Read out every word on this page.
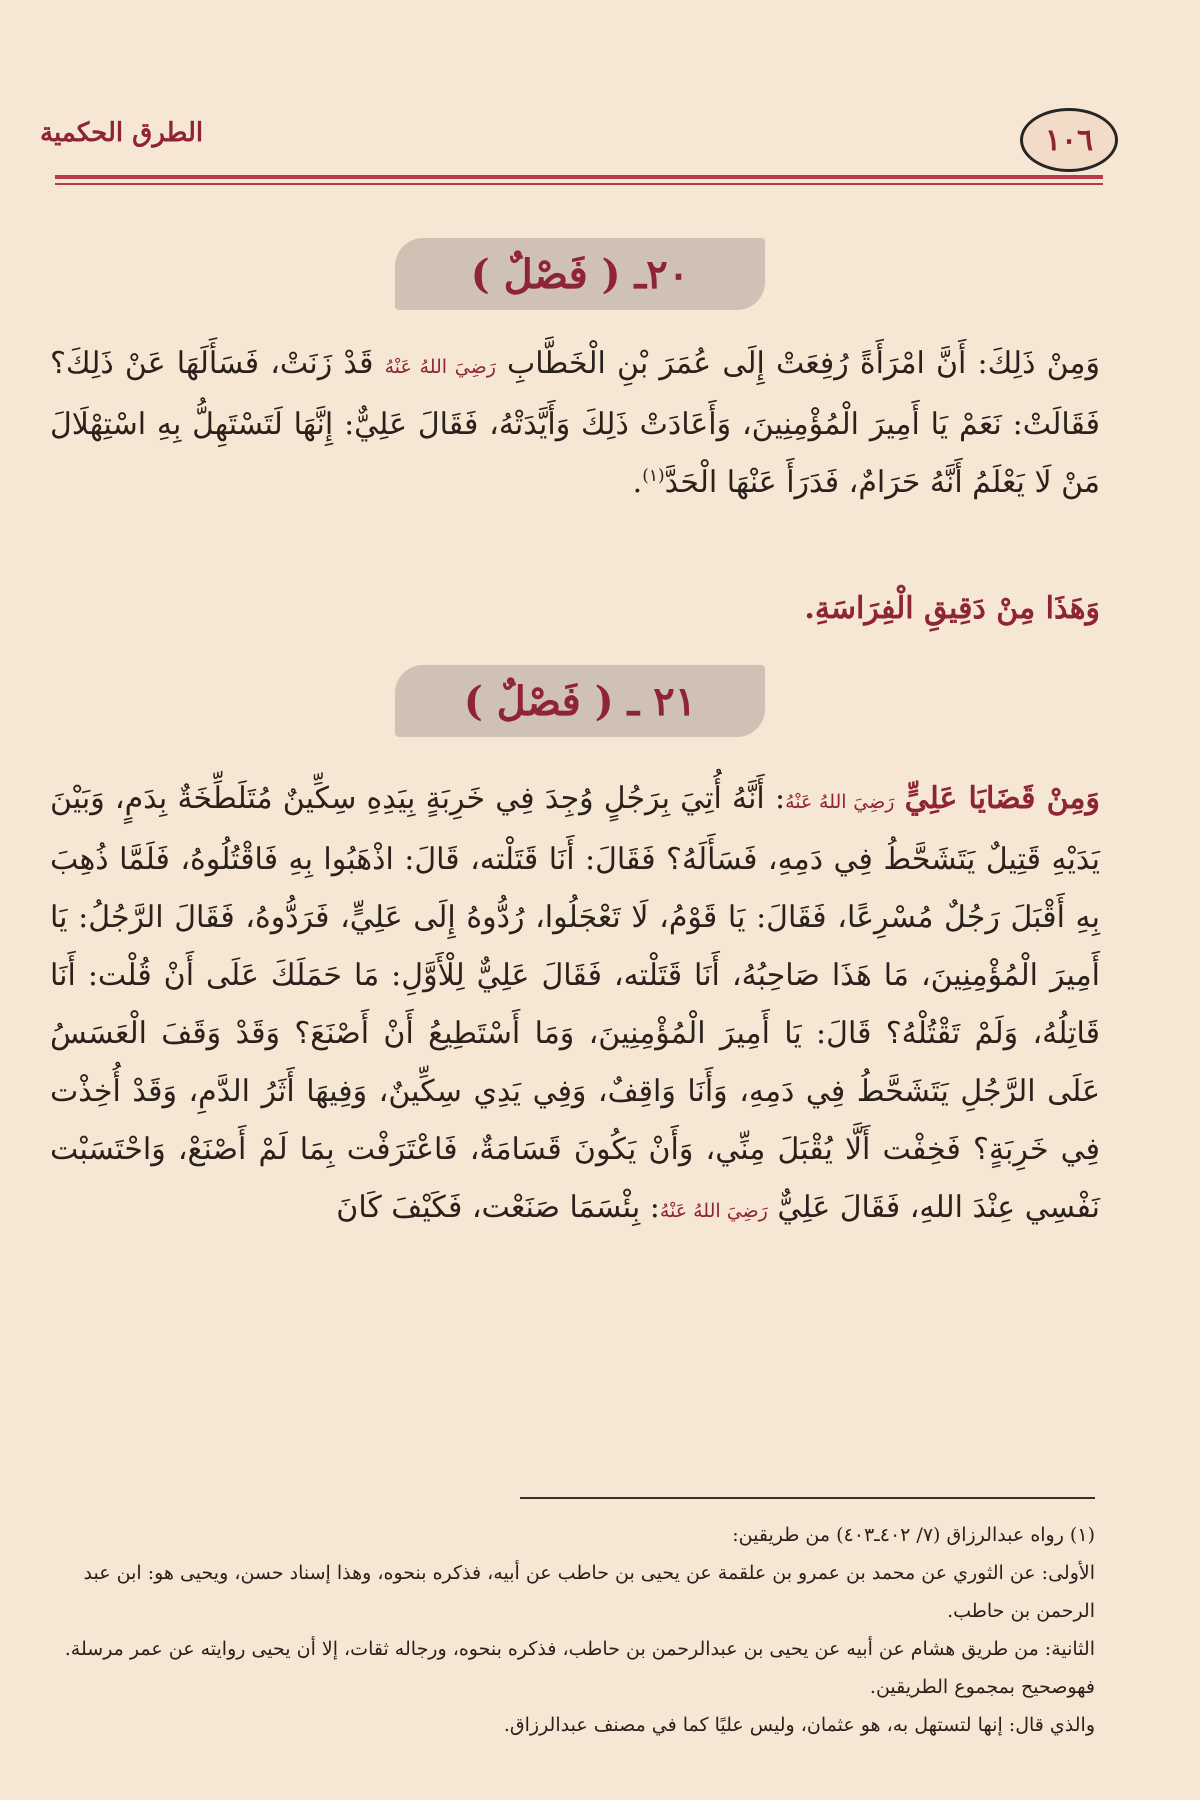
الطرق الحكمية	١٠٦
٢٠ـ ( فَصْلٌ )

وَمِنْ ذَلِكَ: أَنَّ امْرَأَةً رُفِعَتْ إِلَى عُمَرَ بْنِ الْخَطَّابِ رَضِيَ اللهُ عَنْهُ قَدْ زَنَتْ، فَسَأَلَهَا عَنْ ذَلِكَ؟ فَقَالَتْ: نَعَمْ يَا أَمِيرَ الْمُؤْمِنِينَ، وَأَعَادَتْ ذَلِكَ وَأَيَّدَتْهُ، فَقَالَ عَلِيٌّ: إِنَّهَا لَتَسْتَهِلُّ بِهِ اسْتِهْلَالَ مَنْ لَا يَعْلَمُ أَنَّهُ حَرَامٌ، فَدَرَأَ عَنْهَا الْحَدَّ$^{(١)}$.

وَهَذَا مِنْ دَقِيقِ الْفِرَاسَةِ.

٢١ ـ ( فَصْلٌ )

وَمِنْ قَضَايَا عَلِيٍّ رَضِيَ اللهُ عَنْهُ: أَنَّهُ أُتِيَ بِرَجُلٍ وُجِدَ فِي خَرِبَةٍ بِيَدِهِ سِكِّينٌ مُتَلَطِّخَةٌ بِدَمٍ، وَبَيْنَ يَدَيْهِ قَتِيلٌ يَتَشَحَّطُ فِي دَمِهِ، فَسَأَلَهُ؟ فَقَالَ: أَنَا قَتَلْته، قَالَ: اذْهَبُوا بِهِ فَاقْتُلُوهُ، فَلَمَّا ذُهِبَ بِهِ أَقْبَلَ رَجُلٌ مُسْرِعًا، فَقَالَ: يَا قَوْمُ، لَا تَعْجَلُوا، رُدُّوهُ إِلَى عَلِيٍّ، فَرَدُّوهُ، فَقَالَ الرَّجُلُ: يَا أَمِيرَ الْمُؤْمِنِينَ، مَا هَذَا صَاحِبُهُ، أَنَا قَتَلْته، فَقَالَ عَلِيٌّ لِلْأَوَّلِ: مَا حَمَلَكَ عَلَى أَنْ قُلْت: أَنَا قَاتِلُهُ، وَلَمْ تَقْتُلْهُ؟ قَالَ: يَا أَمِيرَ الْمُؤْمِنِينَ، وَمَا أَسْتَطِيعُ أَنْ أَصْنَعَ؟ وَقَدْ وَقَفَ الْعَسَسُ عَلَى الرَّجُلِ يَتَشَحَّطُ فِي دَمِهِ، وَأَنَا وَاقِفٌ، وَفِي يَدِي سِكِّينٌ، وَفِيهَا أَثَرُ الدَّمِ، وَقَدْ أُخِذْت فِي خَرِبَةٍ؟ فَخِفْت أَلَّا يُقْبَلَ مِنِّي، وَأَنْ يَكُونَ قَسَامَةٌ، فَاعْتَرَفْت بِمَا لَمْ أَصْنَعْ، وَاحْتَسَبْت نَفْسِي عِنْدَ اللهِ، فَقَالَ عَلِيٌّ رَضِيَ اللهُ عَنْهُ: بِئْسَمَا صَنَعْت، فَكَيْفَ كَانَ

(١) رواه عبدالرزاق (٧/ ٤٠٢ـ٤٠٣) من طريقين:

الأولى: عن الثوري عن محمد بن عمرو بن علقمة عن يحيى بن حاطب عن أبيه، فذكره بنحوه، وهذا إسناد حسن، ويحيى هو: ابن عبد الرحمن بن حاطب.

الثانية: من طريق هشام عن أبيه عن يحيى بن عبدالرحمن بن حاطب، فذكره بنحوه، ورجاله ثقات، إلا أن يحيى روايته عن عمر مرسلة.

فهوصحيح بمجموع الطريقين.

والذي قال: إنها لتستهل به، هو عثمان، وليس عليًا كما في مصنف عبدالرزاق.
